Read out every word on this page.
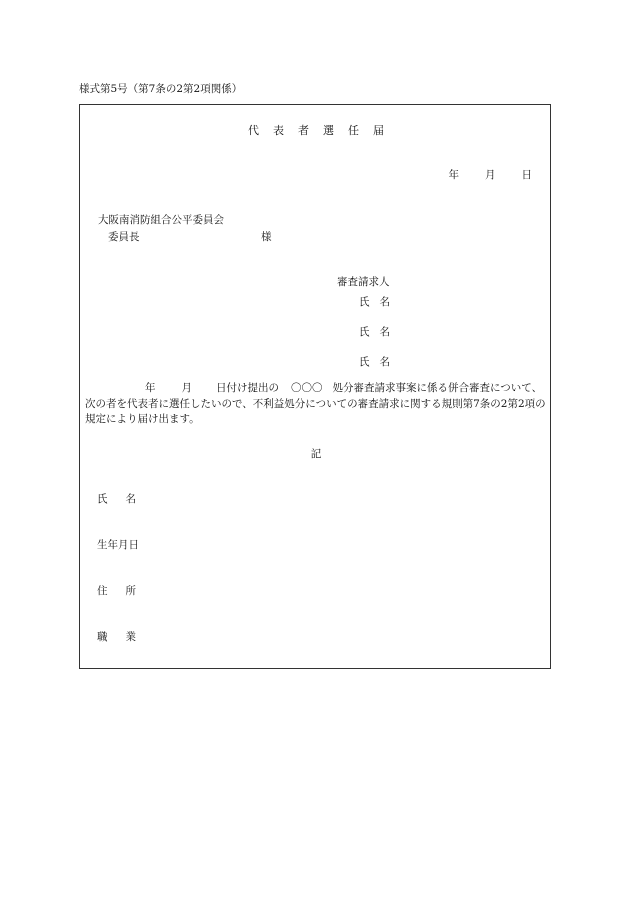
様式第5号（第7条の2第2項関係）
代表者選任届
年 月 日
大阪南消防組合公平委員会
委員長	様
審査請求人
氏名
氏名
氏名
年 月 日付け提出の 〇〇〇 処分審査請求事案に係る併合審査について、次の者を代表者に選任したいので、不利益処分についての審査請求に関する規則第7条の2第2項の規定により届け出ます。
記
氏名
生年月日
住所
職業
